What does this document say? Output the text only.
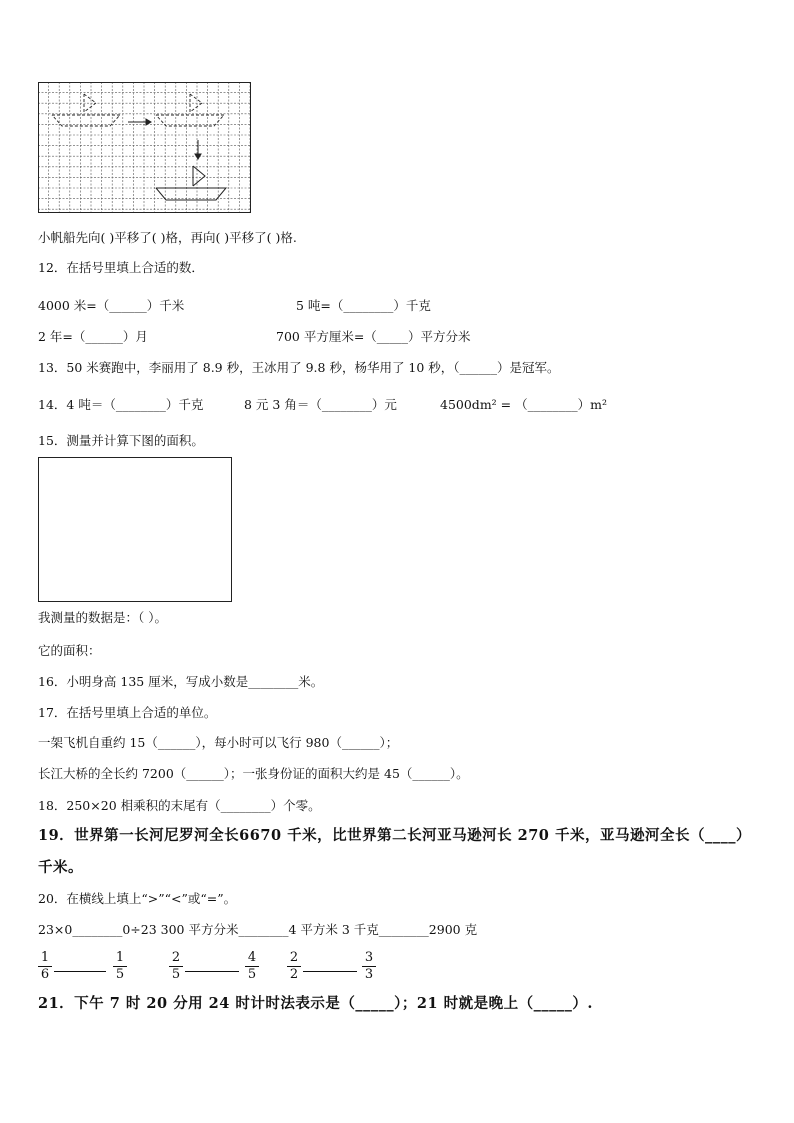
小帆船先向( )平移了( )格，再向( )平移了( )格.
12．在括号里填上合适的数．
4000 米=（______）千米	5 吨=（________）千克
2 年=（______）月	700 平方厘米=（_____）平方分米
13．50 米赛跑中，李丽用了 8.9 秒，王冰用了 9.8 秒，杨华用了 10 秒，（______）是冠军。
14．4 吨＝（________）千克	8 元 3 角＝（________）元	4500dm² = （________）m²
15．测量并计算下图的面积。
我测量的数据是：（ ）。
它的面积：
16．小明身高 135 厘米，写成小数是________米。
17．在括号里填上合适的单位。
一架飞机自重约 15（______），每小时可以飞行 980（______）；
长江大桥的全长约 7200（______）；一张身份证的面积大约是 45（______）。
18．250×20 相乘积的末尾有（________）个零。
19．世界第一长河尼罗河全长6670 千米，比世界第二长河亚马逊河长 270 千米，亚马逊河全长（____）
千米。
20．在横线上填上“>”“<”或“=”。
23×0________0÷23 300 平方分米________4 平方米 3 千克________2900 克
1
6
1
5
2
5
4
5
2
2
3
3
21．下午 7 时 20 分用 24 时计时法表示是（_____）；21 时就是晚上（_____）.
